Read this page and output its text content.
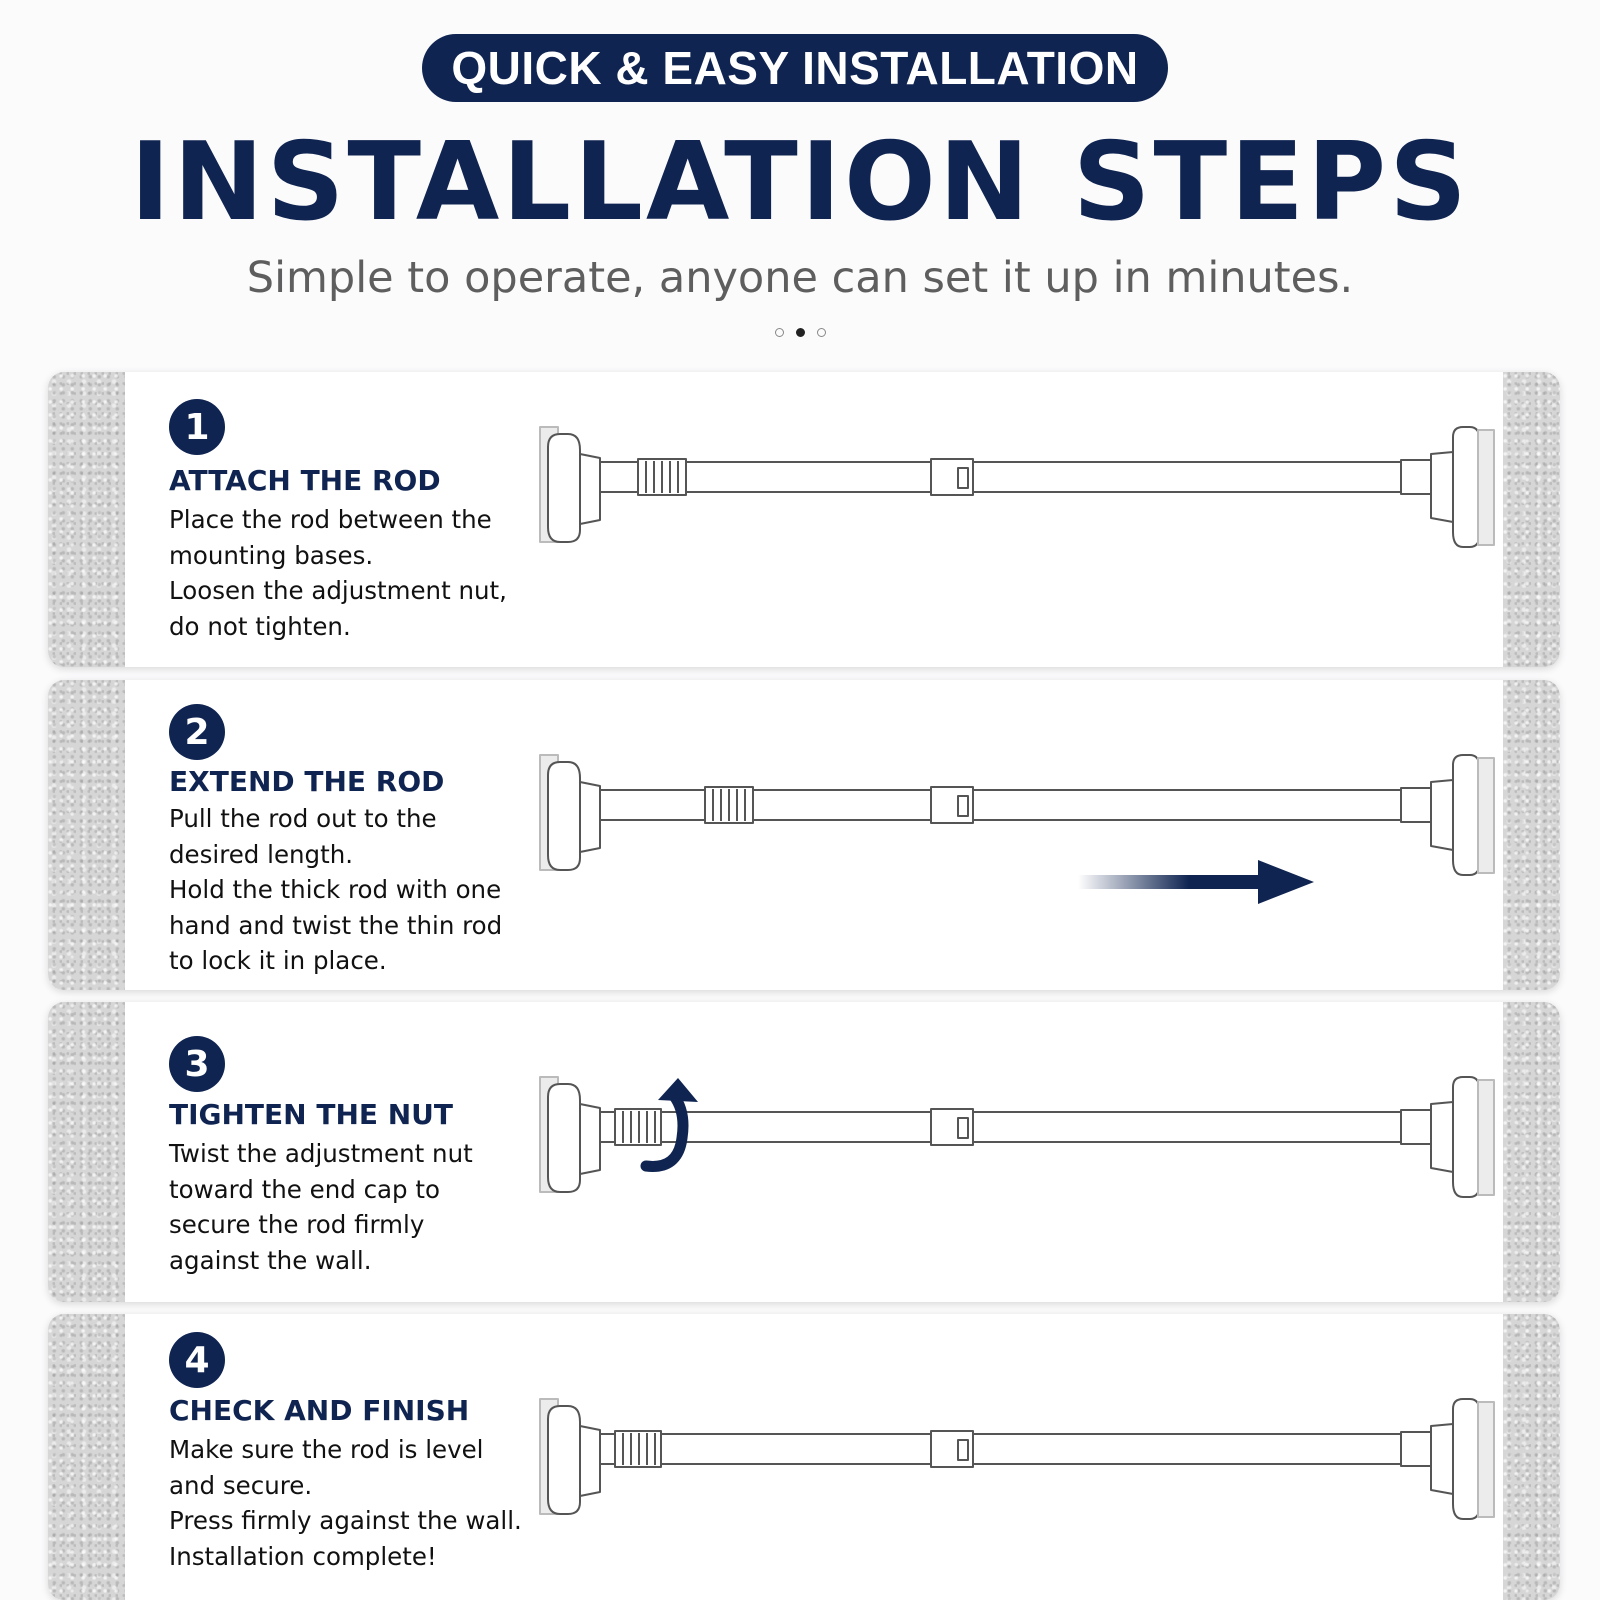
QUICK & EASY INSTALLATION
INSTALLATION STEPS
Simple to operate, anyone can set it up in minutes.
1
ATTACH THE ROD
Place the rod between the
mounting bases.
Loosen the adjustment nut,
do not tighten.
2
EXTEND THE ROD
Pull the rod out to the
desired length.
Hold the thick rod with one
hand and twist the thin rod
to lock it in place.
3
TIGHTEN THE NUT
Twist the adjustment nut
toward the end cap to
secure the rod firmly
against the wall.
4
CHECK AND FINISH
Make sure the rod is level
and secure.
Press firmly against the wall.
Installation complete!
